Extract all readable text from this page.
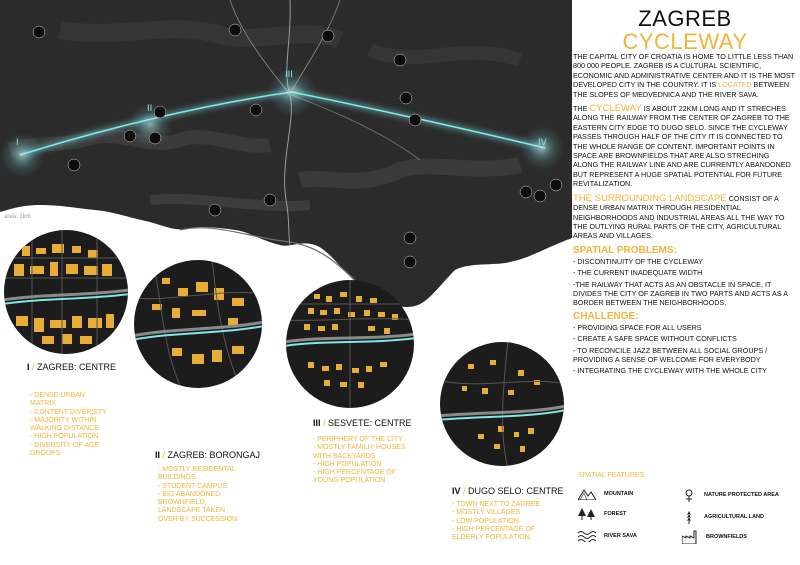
I
II
III
IV
area: 1km
I / ZAGREB: CENTRE
- DENSE URBAN
MATRIX
- CONTENT DIVERSITY
- MAJORITY WITHIN
WALKING DISTANCE
- HIGH POPULATION
- DIVERSITY OF AGE
GROUPS	II / ZAGREB: BORONGAJ
- MOSTLY RESIDENTAL
BUILDINGS
- STUDENT CAMPUS
- BIG ABANDONED
BROWNFIELD,
LANDSCAPE TAKEN
OVER BY SUCCESSION
III / SESVETE: CENTRE
- PERIPHERY OF THE CITY
- MOSTLY FAMILIY HOUSES
WITH BACKYARDS
- HIGH POPULATION
- HIGH PERCENTAGE OF
YOUNG POPULATION
IV / DUGO SELO: CENTRE
- TOWN NEXT TO ZAGREB
- MOSTLY VILLAGES
- LOW POPULATION
- HIGH PERCENTAGE OF
ELDERLY POPULATION
ZAGREB
CYCLEWAY

THE CAPITAL CITY OF CROATIA IS HOME TO LITTLE LESS THAN 800 000 PEOPLE. ZAGREB IS A CULTURAL SCIENTIFIC, ECONOMIC AND ADMINISTRATIVE CENTER AND IT IS THE MOST DEVELOPED CITY IN THE COUNTRY. IT IS LOCATED BETWEEN THE SLOPES OF MEDVEDNICA AND THE RIVER SAVA.

THE CYCLEWAY IS ABOUT 22KM LONG AND IT STRECHES ALONG THE RAILWAY FROM THE CENTER OF ZAGREB TO THE EASTERN CITY EDGE TO DUGO SELO. SINCE THE CYCLEWAY PASSES THROUGH HALF OF THE CITY IT IS CONNECTED TO THE WHOLE RANGE OF CONTENT. IMPORTANT POINTS IN SPACE ARE BROWNFIELDS THAT ARE ALSO STRECHING ALONG THE RAILWAY LINE AND ARE CURRENTLY ABANDONED BUT REPRESENT A HUGE SPATIAL POTENTIAL FOR FUTURE REVITALIZATION.

THE SURROUNDING LANDSCAPE CONSIST OF A DENSE URBAN MATRIX THROUGH RESIDENTIAL NEIGHBORHOODS AND INDUSTRIAL AREAS ALL THE WAY TO THE OUTLYING RURAL PARTS OF THE CITY, AGRICULTURAL AREAS AND VILLAGES.

SPATIAL PROBLEMS:
- DISCONTINUITY OF THE CYCLEWAY
- THE CURRENT INADEQUATE WIDTH
-THE RAILWAY THAT ACTS AS AN OBSTACLE IN SPACE, IT DIVIDES THE CITY OF ZAGREB IN TWO PARTS AND ACTS AS A BORDER BETWEEN THE NEIGHBORHOODS.
CHALLENGE:
- PROVIDING SPACE FOR ALL USERS
- CREATE A SAFE SPACE WITHOUT CONFLICTS
- TO RECONCILE JAZZ BETWEEN ALL SOCIAL GROUPS / PROVIDING A SENSE OF WELCOME FOR EVERYBODY
- INTEGRATING THE CYCLEWAY WITH THE WHOLE CITY
SPATIAL FEATURES
MOUNTAIN
FOREST
RIVER SAVA
NATURE PROTECTED AREA
AGRICULTURAL LAND
BROWNFIELDS
